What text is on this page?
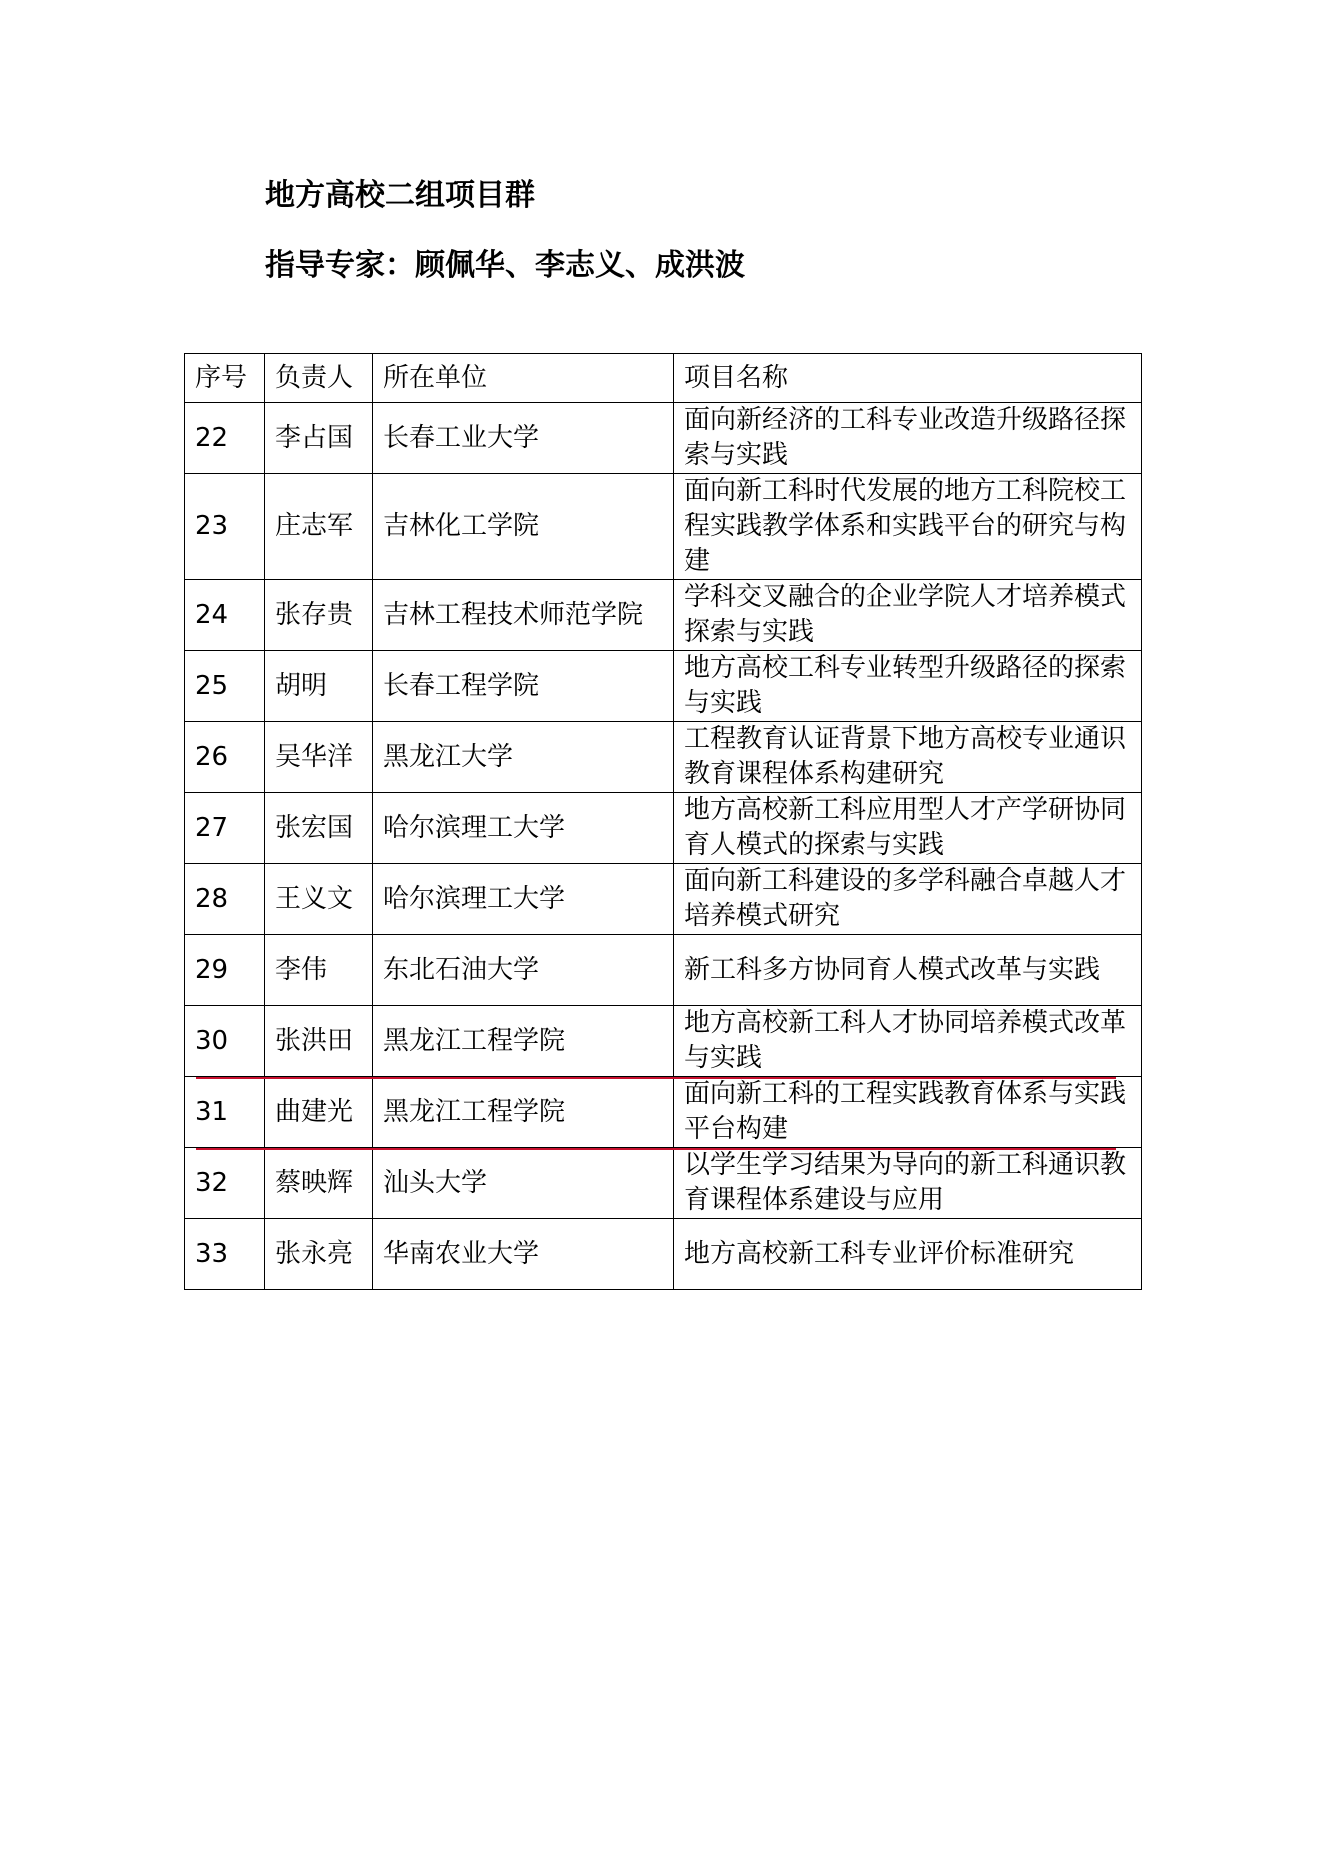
地方高校二组项目群
指导专家：顾佩华、李志义、成洪波
序号	负责人	所在单位	项目名称
22	李占国	长春工业大学	面向新经济的工科专业改造升级路径探索与实践
23	庄志军	吉林化工学院	面向新工科时代发展的地方工科院校工程实践教学体系和实践平台的研究与构建
24	张存贵	吉林工程技术师范学院	学科交叉融合的企业学院人才培养模式探索与实践
25	胡明	长春工程学院	地方高校工科专业转型升级路径的探索与实践
26	吴华洋	黑龙江大学	工程教育认证背景下地方高校专业通识教育课程体系构建研究
27	张宏国	哈尔滨理工大学	地方高校新工科应用型人才产学研协同育人模式的探索与实践
28	王义文	哈尔滨理工大学	面向新工科建设的多学科融合卓越人才培养模式研究
29	李伟	东北石油大学	新工科多方协同育人模式改革与实践
30	张洪田	黑龙江工程学院	地方高校新工科人才协同培养模式改革与实践
31	曲建光	黑龙江工程学院	面向新工科的工程实践教育体系与实践平台构建
32	蔡映辉	汕头大学	以学生学习结果为导向的新工科通识教育课程体系建设与应用
33	张永亮	华南农业大学	地方高校新工科专业评价标准研究
